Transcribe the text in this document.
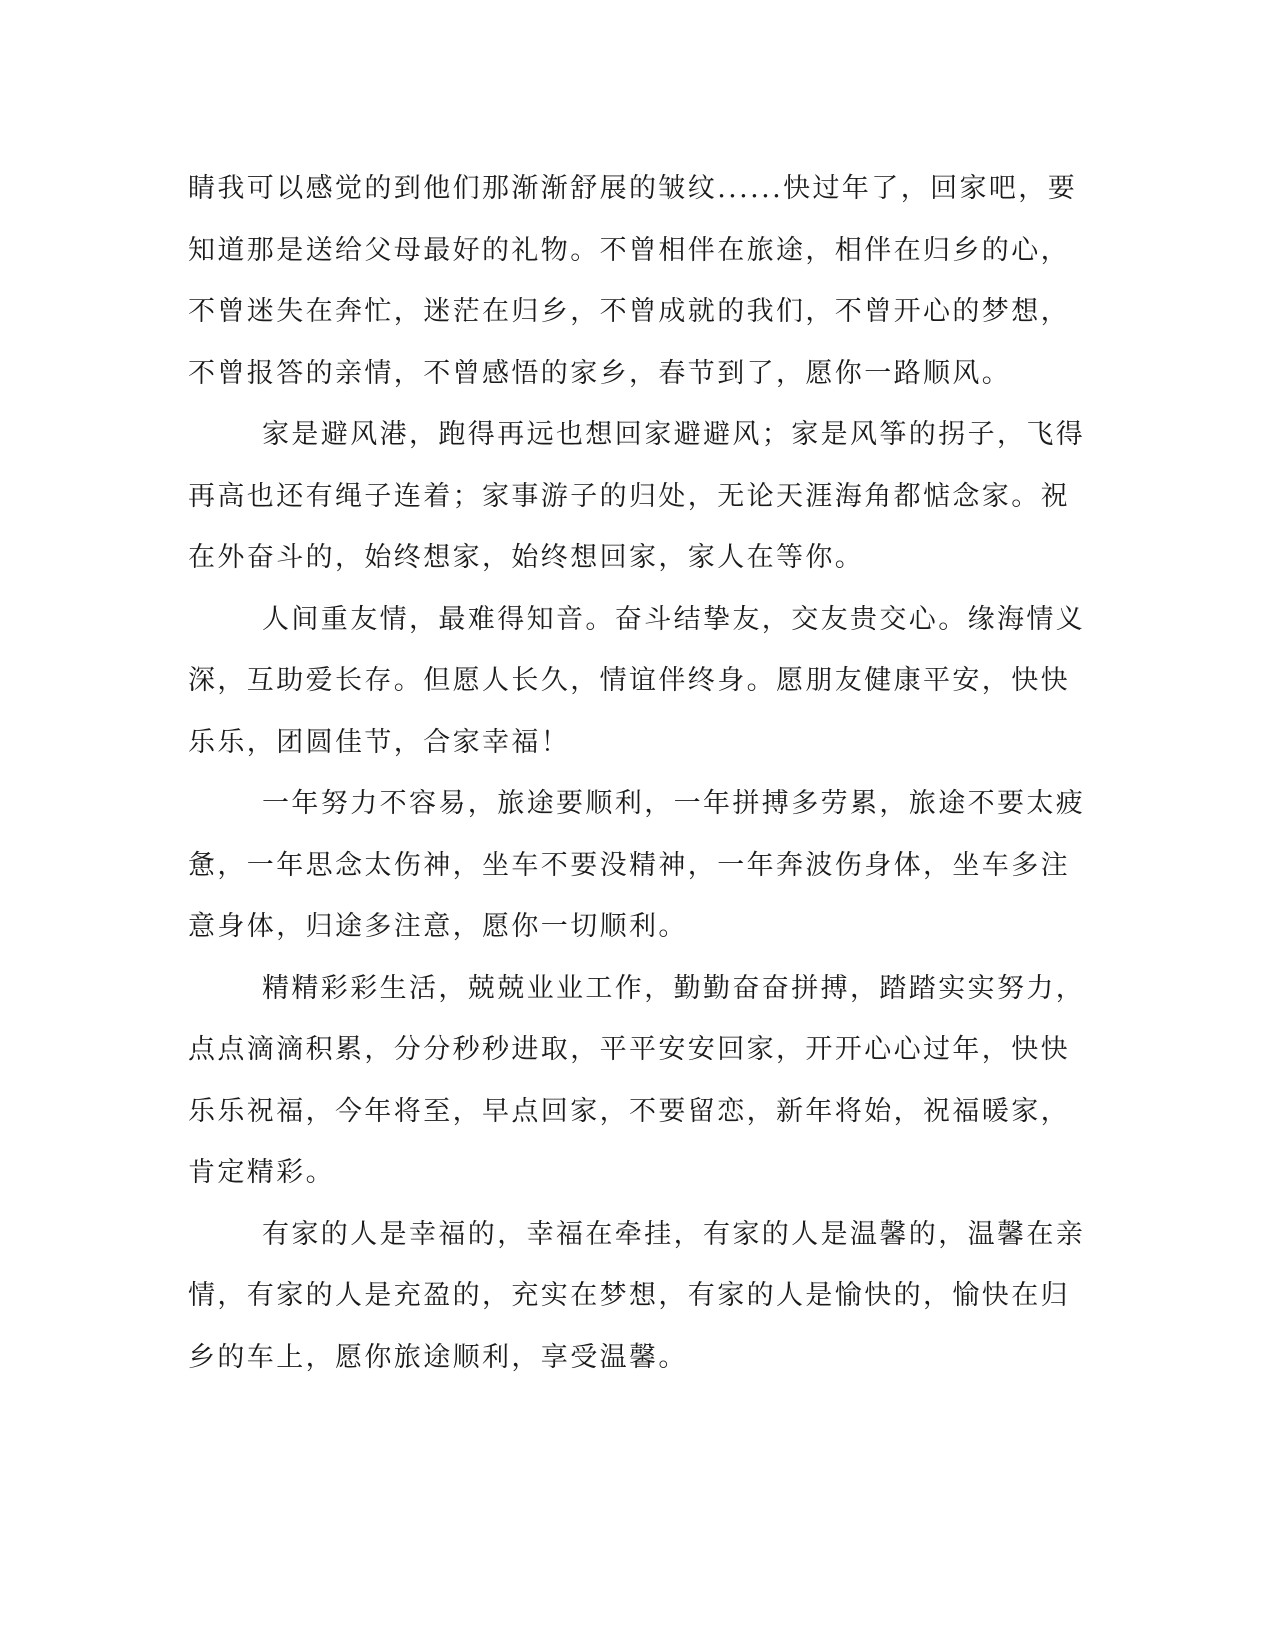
睛我可以感觉的到他们那渐渐舒展的皱纹......快过年了，回家吧，要
知道那是送给父母最好的礼物。不曾相伴在旅途，相伴在归乡的心，
不曾迷失在奔忙，迷茫在归乡，不曾成就的我们，不曾开心的梦想，
不曾报答的亲情，不曾感悟的家乡，春节到了，愿你一路顺风。
家是避风港，跑得再远也想回家避避风；家是风筝的拐子，飞得
再高也还有绳子连着；家事游子的归处，无论天涯海角都惦念家。祝
在外奋斗的，始终想家，始终想回家，家人在等你。
人间重友情，最难得知音。奋斗结挚友，交友贵交心。缘海情义
深，互助爱长存。但愿人长久，情谊伴终身。愿朋友健康平安，快快
乐乐，团圆佳节，合家幸福！
一年努力不容易，旅途要顺利，一年拼搏多劳累，旅途不要太疲
惫，一年思念太伤神，坐车不要没精神，一年奔波伤身体，坐车多注
意身体，归途多注意，愿你一切顺利。
精精彩彩生活，兢兢业业工作，勤勤奋奋拼搏，踏踏实实努力，
点点滴滴积累，分分秒秒进取，平平安安回家，开开心心过年，快快
乐乐祝福，今年将至，早点回家，不要留恋，新年将始，祝福暖家，
肯定精彩。
有家的人是幸福的，幸福在牵挂，有家的人是温馨的，温馨在亲
情，有家的人是充盈的，充实在梦想，有家的人是愉快的，愉快在归
乡的车上，愿你旅途顺利，享受温馨。
